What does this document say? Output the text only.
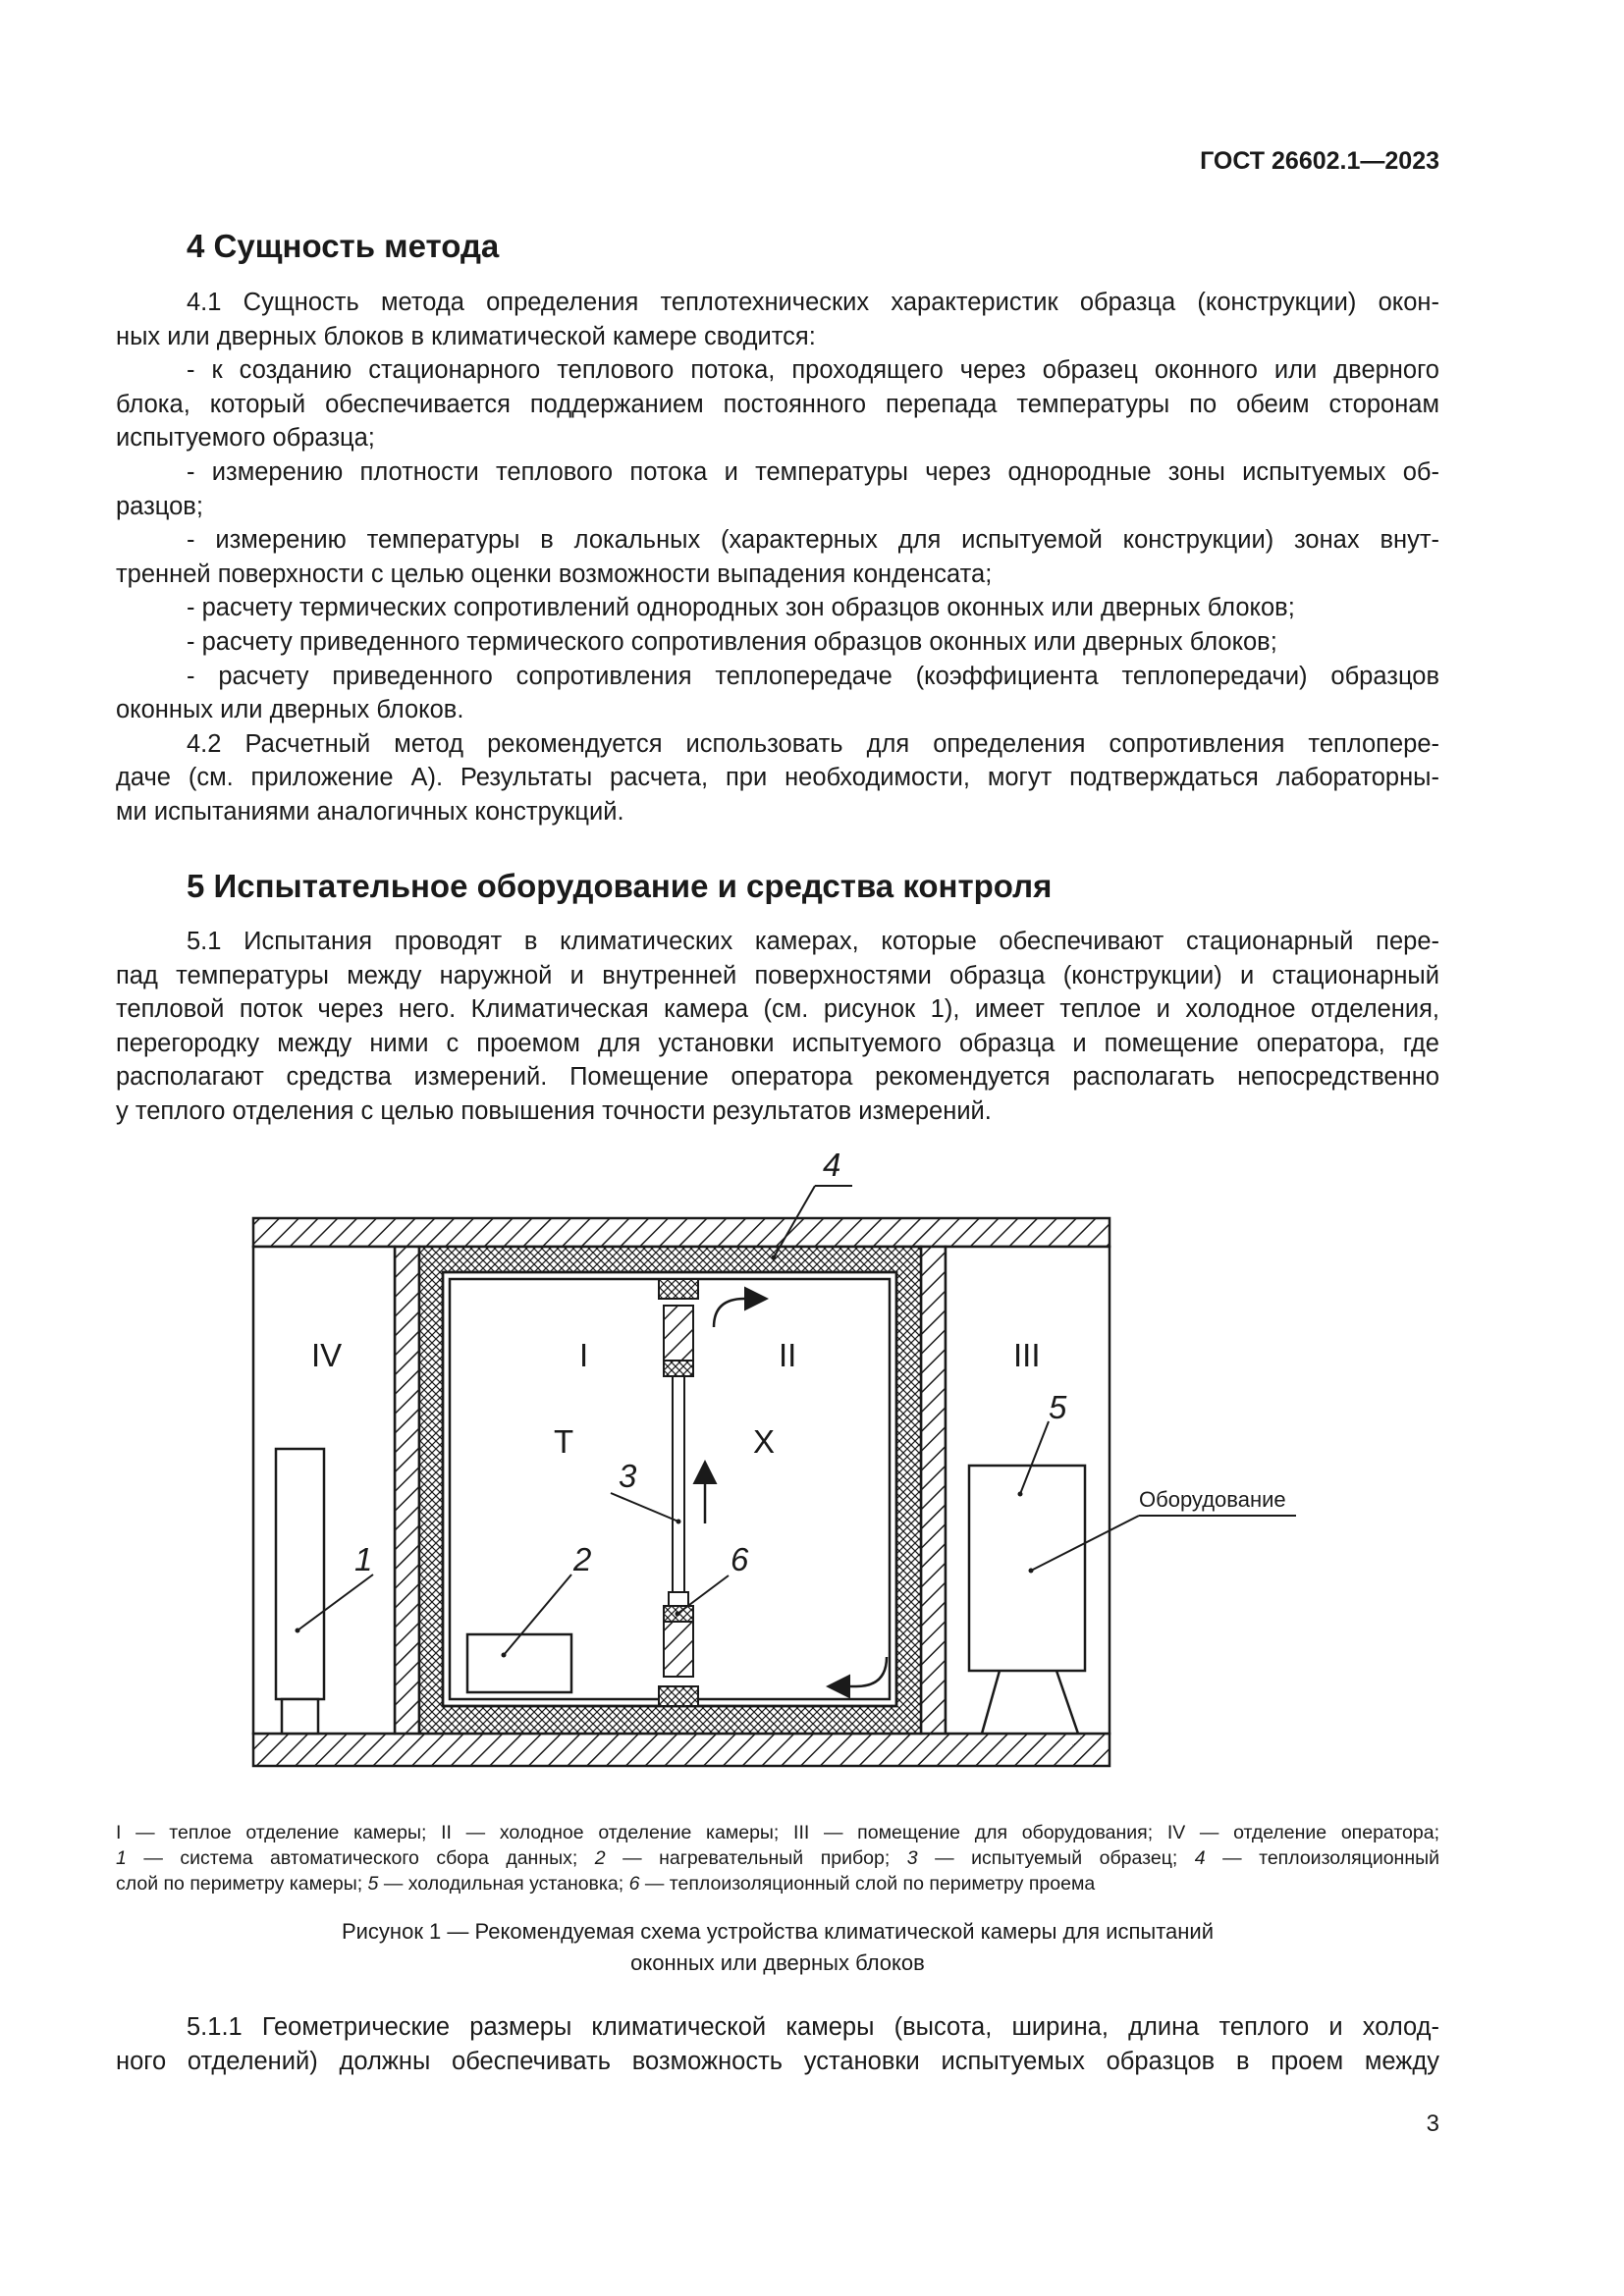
ГОСТ 26602.1—2023
4 Сущность метода

4.1 Сущность метода определения теплотехнических характеристик образца (конструкции) окон-

ных или дверных блоков в климатической камере сводится:

- к созданию стационарного теплового потока, проходящего через образец оконного или дверного

блока, который обеспечивается поддержанием постоянного перепада температуры по обеим сторонам

испытуемого образца;

- измерению плотности теплового потока и температуры через однородные зоны испытуемых об-

разцов;

- измерению температуры в локальных (характерных для испытуемой конструкции) зонах внут-

тренней поверхности с целью оценки возможности выпадения конденсата;

- расчету термических сопротивлений однородных зон образцов оконных или дверных блоков;

- расчету приведенного термического сопротивления образцов оконных или дверных блоков;

- расчету приведенного сопротивления теплопередаче (коэффициента теплопередачи) образцов

оконных или дверных блоков.

4.2 Расчетный метод рекомендуется использовать для определения сопротивления теплопере-

даче (см. приложение А). Результаты расчета, при необходимости, могут подтверждаться лабораторны-

ми испытаниями аналогичных конструкций.

5 Испытательное оборудование и средства контроля

5.1 Испытания проводят в климатических камерах, которые обеспечивают стационарный пере-

пад температуры между наружной и внутренней поверхностями образца (конструкции) и стационарный

тепловой поток через него. Климатическая камера (см. рисунок 1), имеет теплое и холодное отделения,

перегородку между ними с проемом для установки испытуемого образца и помещение оператора, где

располагают средства измерений. Помещение оператора рекомендуется располагать непосредственно

у теплого отделения с целью повышения точности результатов измерений.

IV	I	II	III
Т	Х
4
5
3
1	2	6
Оборудование

I — теплое отделение камеры; II — холодное отделение камеры; III — помещение для оборудования; IV — отделение оператора;

1 — система автоматического сбора данных; 2 — нагревательный прибор; 3 — испытуемый образец; 4 — теплоизоляционный

слой по периметру камеры; 5 — холодильная установка; 6 — теплоизоляционный слой по периметру проема

Рисунок 1 — Рекомендуемая схема устройства климатической камеры для испытаний
оконных или дверных блоков

5.1.1 Геометрические размеры климатической камеры (высота, ширина, длина теплого и холод-

ного отделений) должны обеспечивать возможность установки испытуемых образцов в проем между

3
